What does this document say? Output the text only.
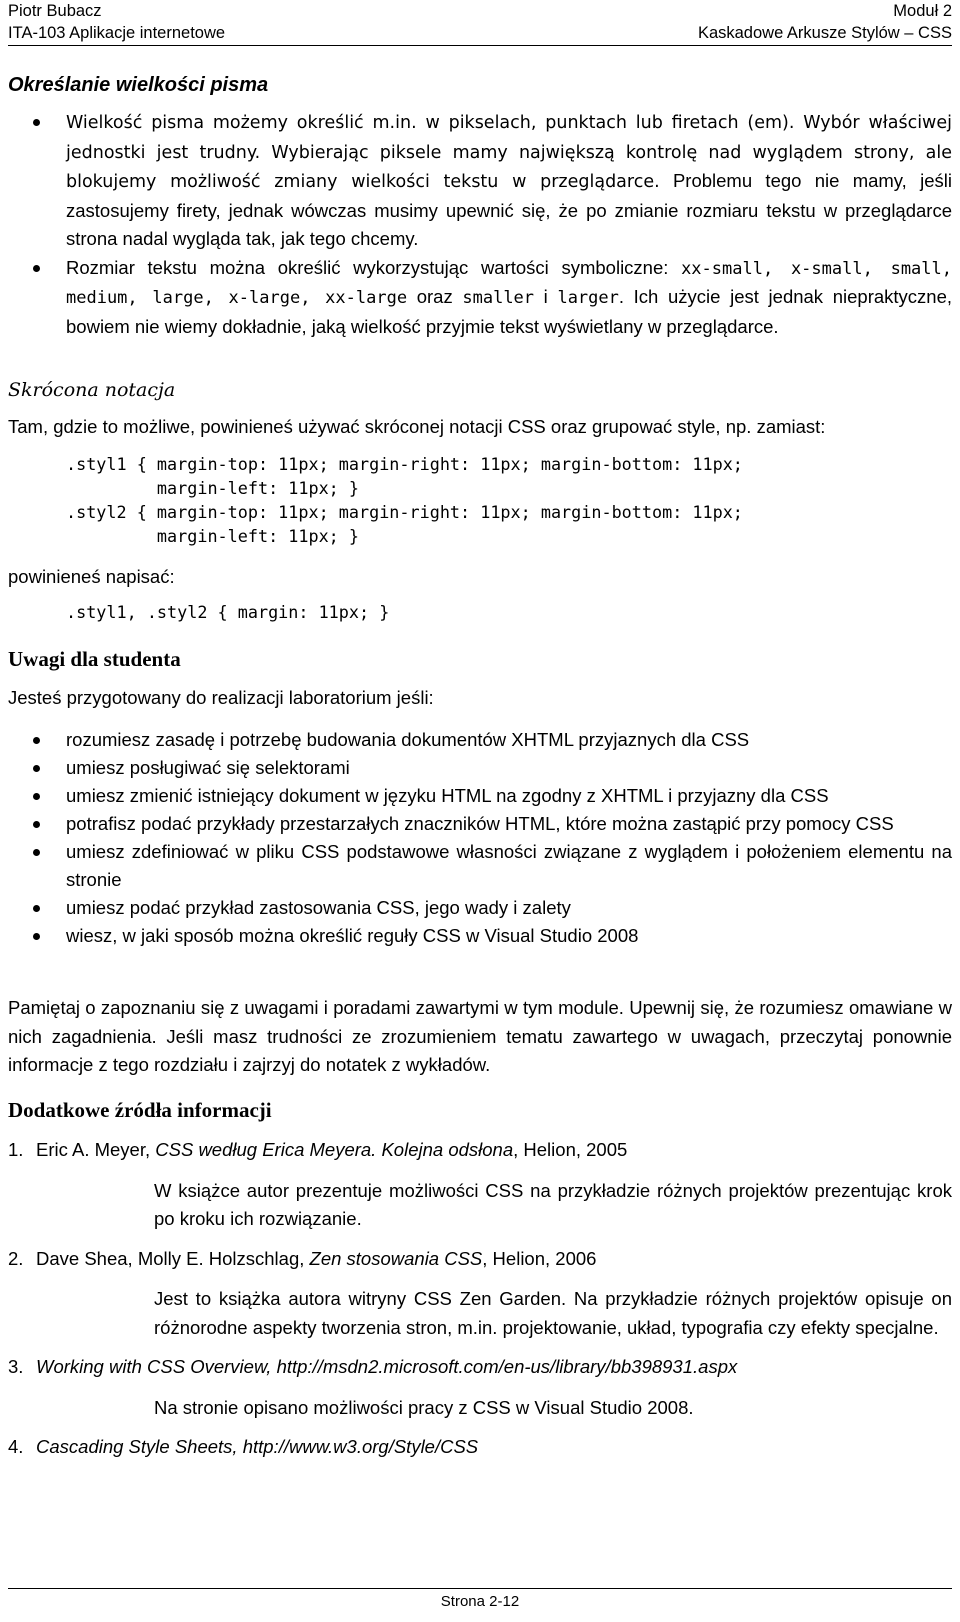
Piotr Bubacz
ITA-103 Aplikacje internetowe
Moduł 2
Kaskadowe Arkusze Stylów – CSS
Określanie wielkości pisma
Wielkość pisma możemy określić m.in. w pikselach, punktach lub firetach (em). Wybór właściwej jednostki jest trudny. Wybierając piksele mamy największą kontrolę nad wyglądem strony, ale blokujemy możliwość zmiany wielkości tekstu w przeglądarce. Problemu tego nie mamy, jeśli zastosujemy firety, jednak wówczas musimy upewnić się, że po zmianie rozmiaru tekstu w przeglądarce strona nadal wygląda tak, jak tego chcemy.
Rozmiar tekstu można określić wykorzystując wartości symboliczne: xx-small, x-small, small, medium, large, x-large, xx-large oraz smaller i larger. Ich użycie jest jednak niepraktyczne, bowiem nie wiemy dokładnie, jaką wielkość przyjmie tekst wyświetlany w przeglądarce.
Skrócona notacja
Tam, gdzie to możliwe, powinieneś używać skróconej notacji CSS oraz grupować style, np. zamiast:
.styl1 { margin-top: 11px; margin-right: 11px; margin-bottom: 11px;
margin-left: 11px; }
.styl2 { margin-top: 11px; margin-right: 11px; margin-bottom: 11px;
margin-left: 11px; }
powinieneś napisać:
.styl1, .styl2 { margin: 11px; }
Uwagi dla studenta
Jesteś przygotowany do realizacji laboratorium jeśli:
rozumiesz zasadę i potrzebę budowania dokumentów XHTML przyjaznych dla CSS
umiesz posługiwać się selektorami
umiesz zmienić istniejący dokument w języku HTML na zgodny z XHTML i przyjazny dla CSS
potrafisz podać przykłady przestarzałych znaczników HTML, które można zastąpić przy pomocy CSS
umiesz zdefiniować w pliku CSS podstawowe własności związane z wyglądem i położeniem elementu na stronie
umiesz podać przykład zastosowania CSS, jego wady i zalety
wiesz, w jaki sposób można określić reguły CSS w Visual Studio 2008
Pamiętaj o zapoznaniu się z uwagami i poradami zawartymi w tym module. Upewnij się, że rozumiesz omawiane w nich zagadnienia. Jeśli masz trudności ze zrozumieniem tematu zawartego w uwagach, przeczytaj ponownie informacje z tego rozdziału i zajrzyj do notatek z wykładów.
Dodatkowe źródła informacji
1. Eric A. Meyer, CSS według Erica Meyera. Kolejna odsłona, Helion, 2005
W książce autor prezentuje możliwości CSS na przykładzie różnych projektów prezentując krok po kroku ich rozwiązanie.
2. Dave Shea, Molly E. Holzschlag, Zen stosowania CSS, Helion, 2006
Jest to książka autora witryny CSS Zen Garden. Na przykładzie różnych projektów opisuje on różnorodne aspekty tworzenia stron, m.in. projektowanie, układ, typografia czy efekty specjalne.
3. Working with CSS Overview, http://msdn2.microsoft.com/en-us/library/bb398931.aspx
Na stronie opisano możliwości pracy z CSS w Visual Studio 2008.
4. Cascading Style Sheets, http://www.w3.org/Style/CSS
Strona 2-12
